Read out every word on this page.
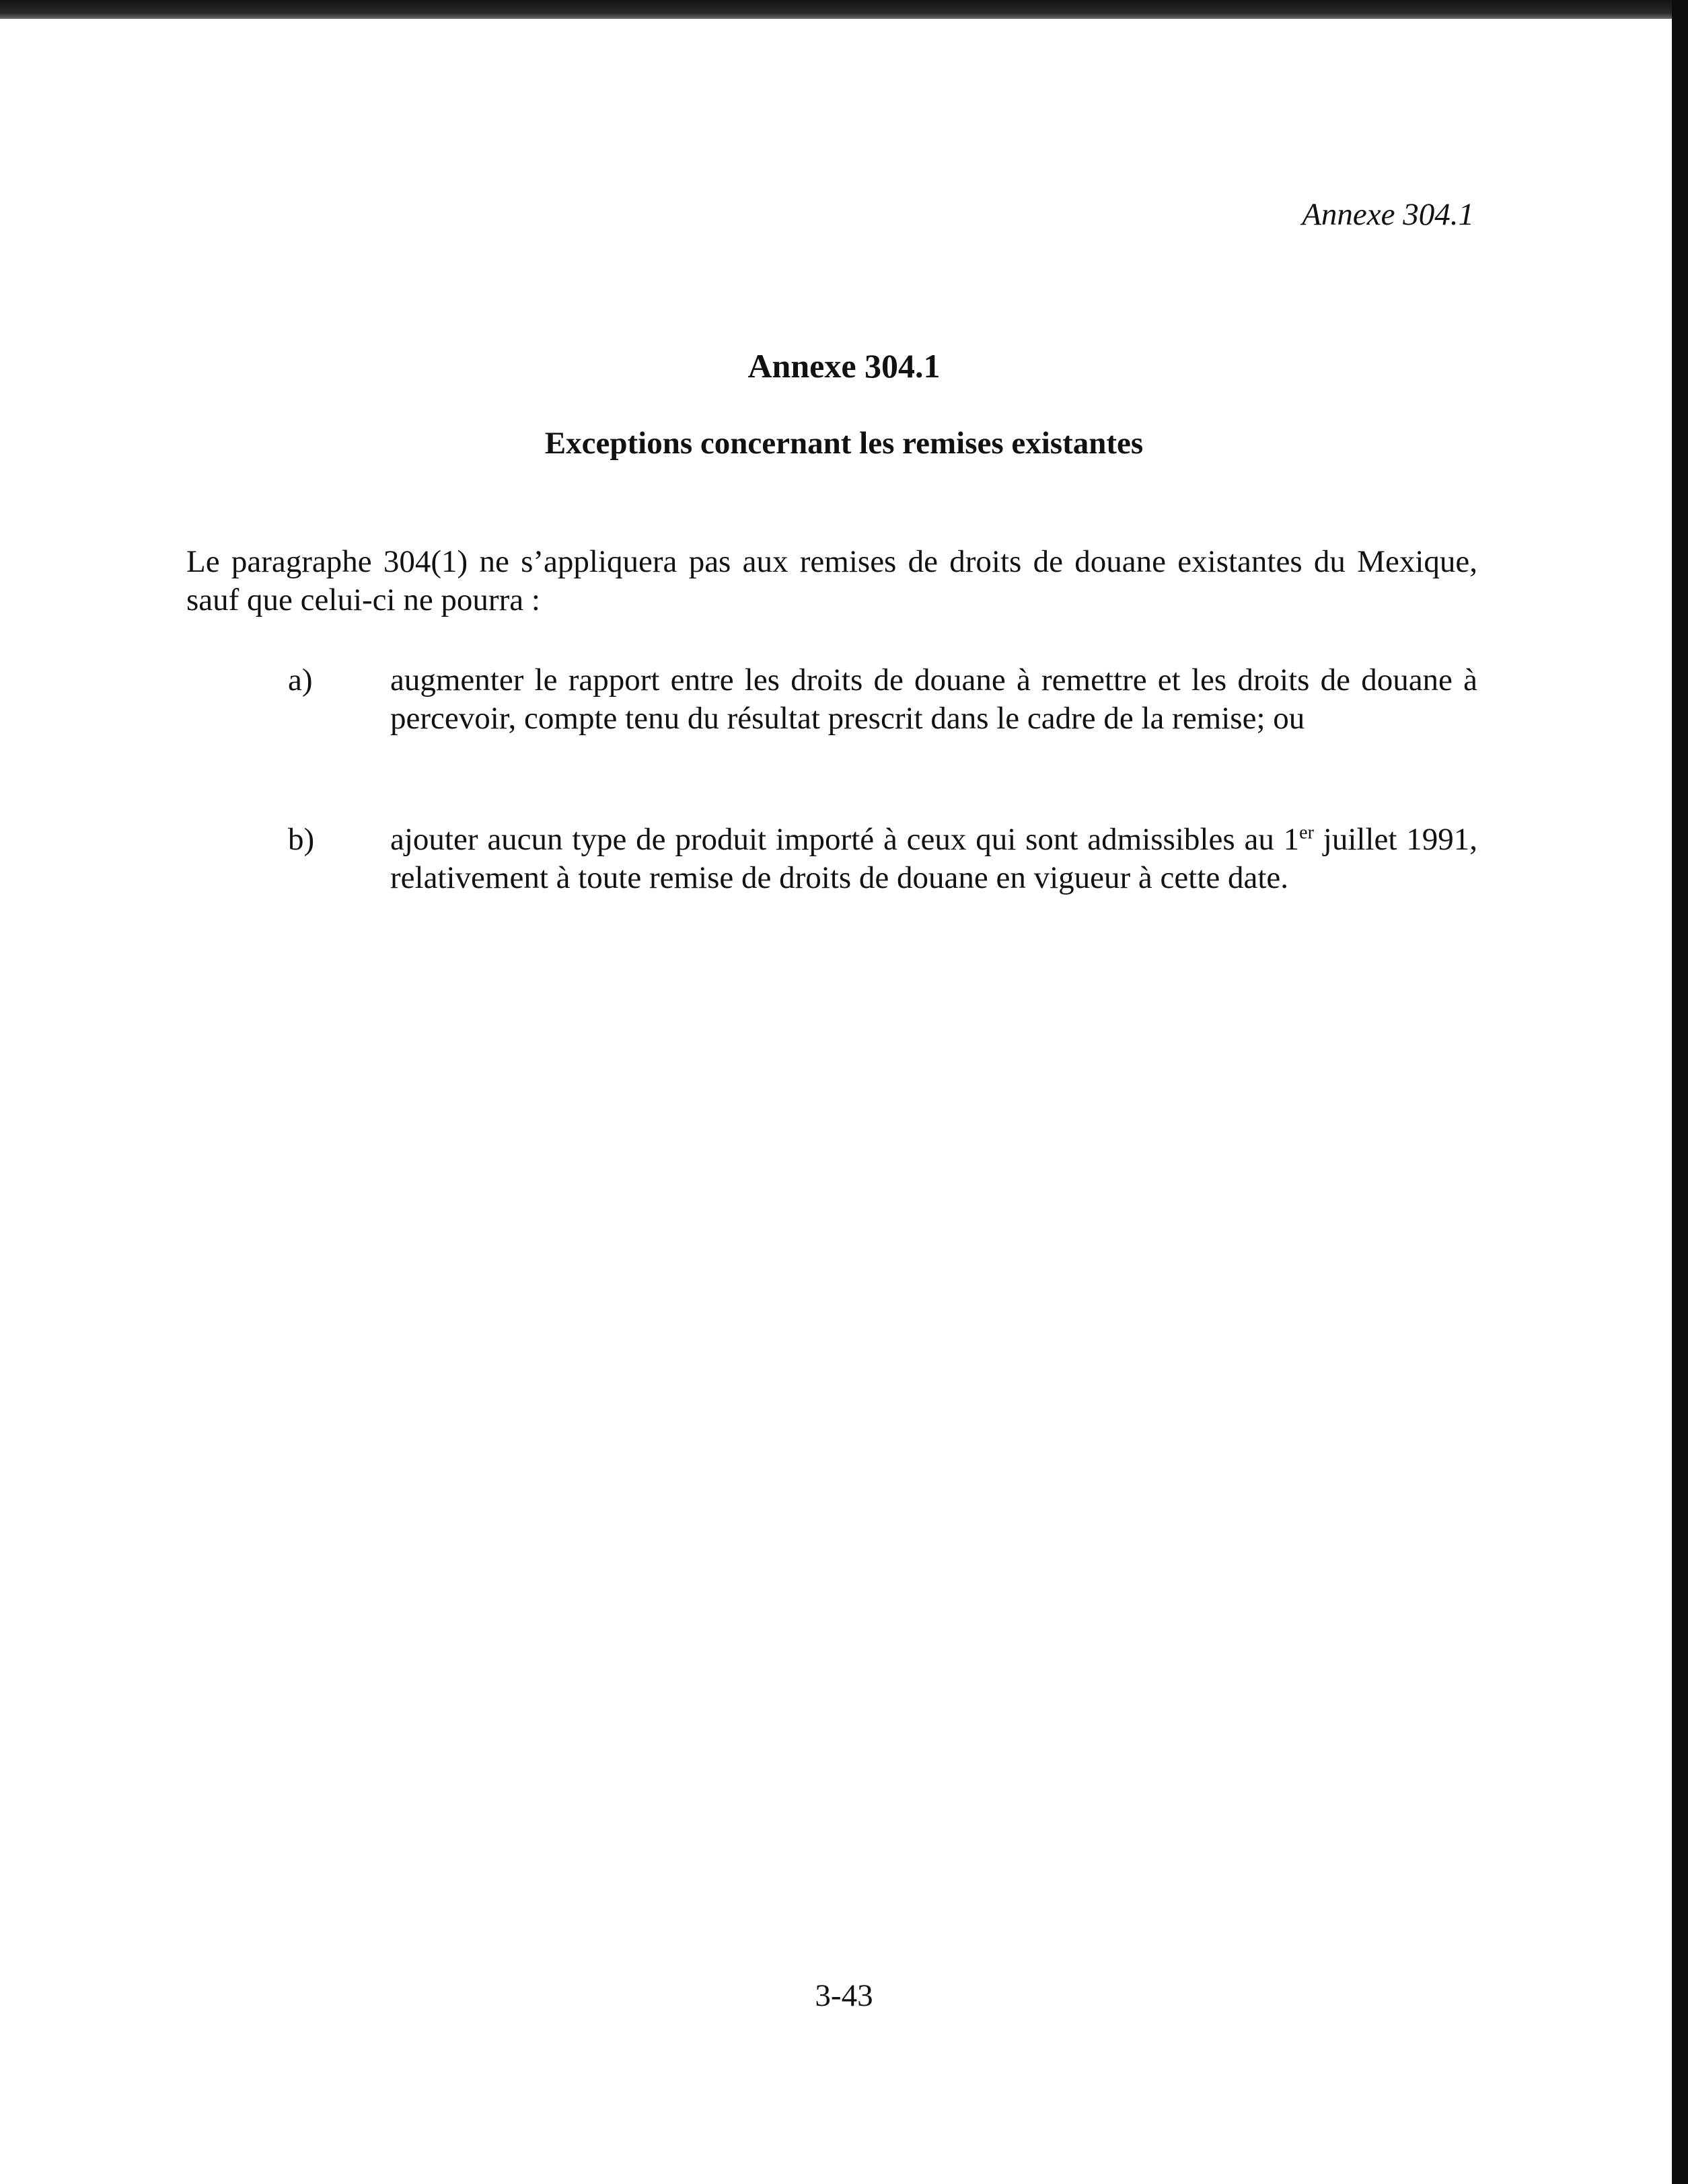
Annexe 304.1

Annexe 304.1
Exceptions concernant les remises existantes

Le paragraphe 304(1) ne s’appliquera pas aux remises de droits de douane existantes du Mexique, sauf que celui-ci ne pourra :

a) augmenter le rapport entre les droits de douane à remettre et les droits de douane à percevoir, compte tenu du résultat prescrit dans le cadre de la remise; ou

b) ajouter aucun type de produit importé à ceux qui sont admissibles au 1er juillet 1991, relativement à toute remise de droits de douane en vigueur à cette date.

3-43
